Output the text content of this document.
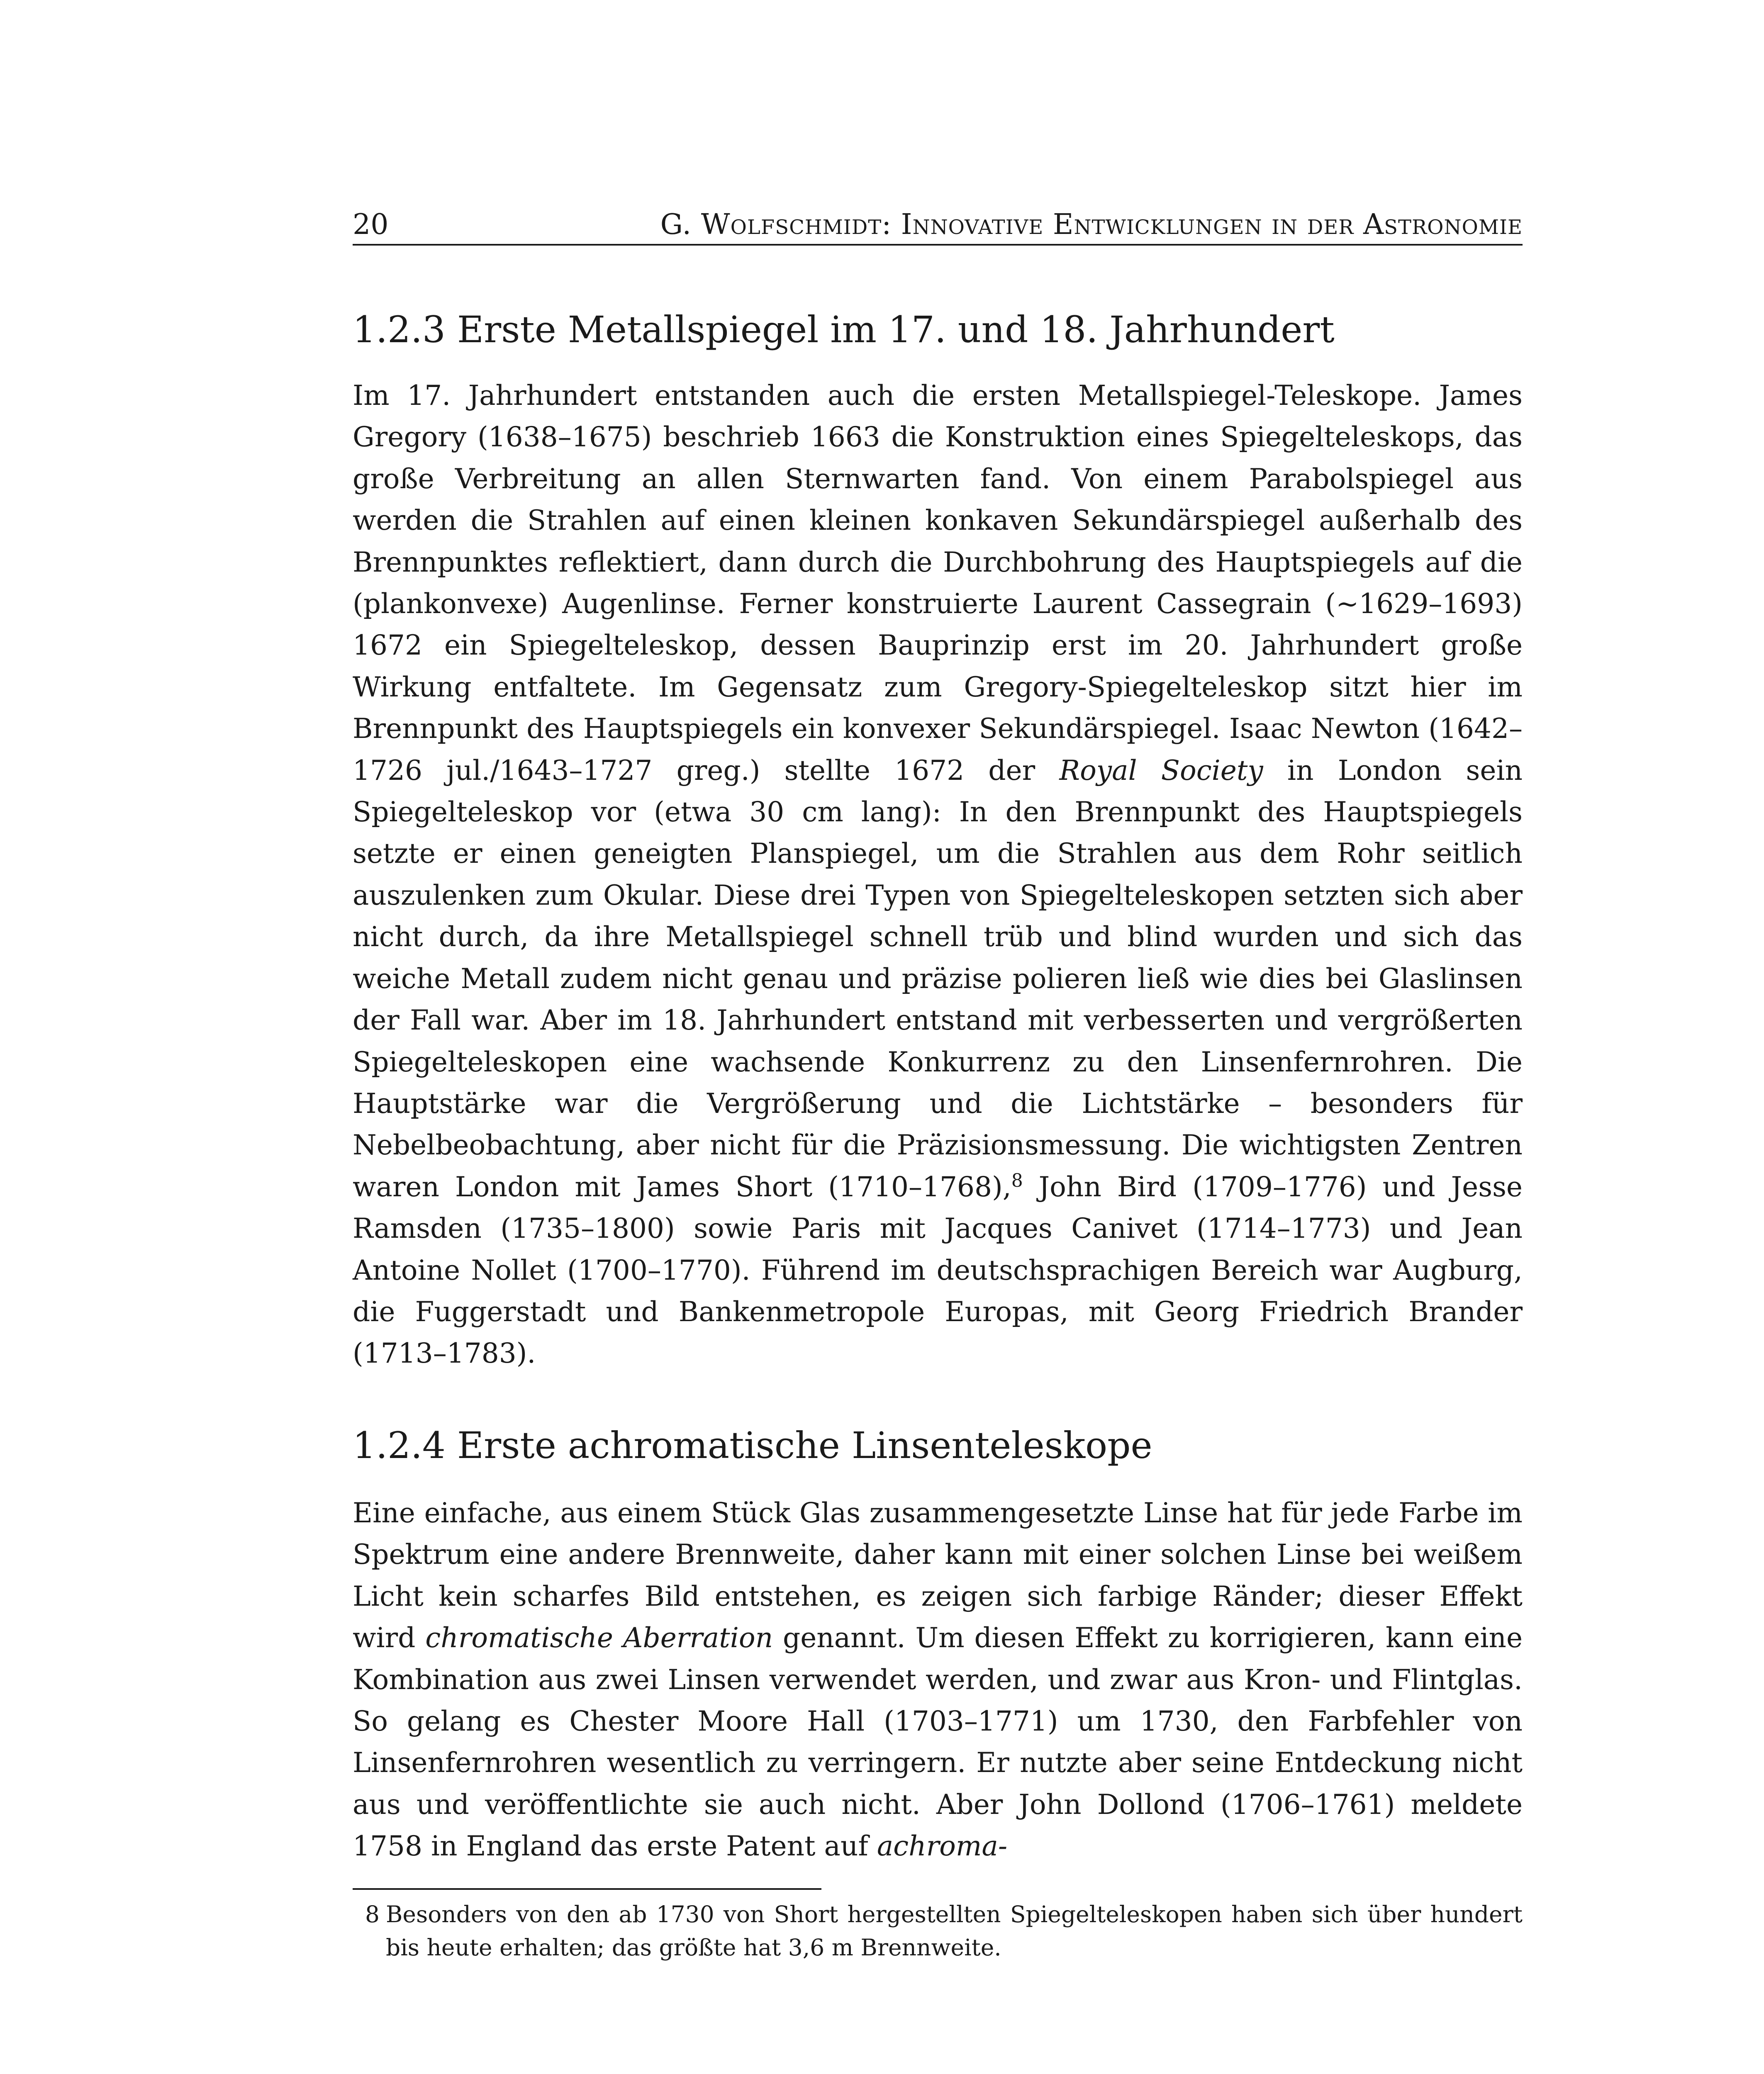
20	G. Wolfschmidt: Innovative Entwicklungen in der Astronomie
1.2.3 Erste Metallspiegel im 17. und 18. Jahrhundert

Im 17. Jahrhundert entstanden auch die ersten Metallspiegel-Teleskope. James Gregory (1638–1675) beschrieb 1663 die Konstruktion eines Spiegelteleskops, das große Verbreitung an allen Sternwarten fand. Von einem Parabolspiegel aus werden die Strahlen auf einen kleinen konkaven Sekundärspiegel außerhalb des Brennpunktes reflektiert, dann durch die Durchbohrung des Hauptspiegels auf die (plankonvexe) Augenlinse. Ferner konstruierte Laurent Cassegrain (∼1629–1693) 1672 ein Spiegelteleskop, dessen Bauprinzip erst im 20. Jahrhundert große Wirkung entfaltete. Im Gegensatz zum Gregory-Spiegelteleskop sitzt hier im Brennpunkt des Hauptspiegels ein konvexer Sekundärspiegel. Isaac Newton (1642–1726 jul./1643–1727 greg.) stellte 1672 der Royal Society in London sein Spiegelteleskop vor (etwa 30 cm lang): In den Brennpunkt des Hauptspiegels setzte er einen geneigten Planspiegel, um die Strahlen aus dem Rohr seitlich auszulenken zum Okular. Diese drei Typen von Spiegelteleskopen setzten sich aber nicht durch, da ihre Metallspiegel schnell trüb und blind wurden und sich das weiche Metall zudem nicht genau und präzise polieren ließ wie dies bei Glaslinsen der Fall war. Aber im 18. Jahrhundert entstand mit verbesserten und vergrößerten Spiegelteleskopen eine wachsende Konkurrenz zu den Linsenfernrohren. Die Hauptstärke war die Vergrößerung und die Lichtstärke – besonders für Nebelbeobachtung, aber nicht für die Präzisionsmessung. Die wichtigsten Zentren waren London mit James Short (1710–1768),$^8$ John Bird (1709–1776) und Jesse Ramsden (1735–1800) sowie Paris mit Jacques Canivet (1714–1773) und Jean Antoine Nollet (1700–1770). Führend im deutschsprachigen Bereich war Augburg, die Fuggerstadt und Bankenmetropole Europas, mit Georg Friedrich Brander (1713–1783).

1.2.4 Erste achromatische Linsenteleskope

Eine einfache, aus einem Stück Glas zusammengesetzte Linse hat für jede Farbe im Spektrum eine andere Brennweite, daher kann mit einer solchen Linse bei weißem Licht kein scharfes Bild entstehen, es zeigen sich farbige Ränder; dieser Effekt wird chromatische Aberration genannt. Um diesen Effekt zu korrigieren, kann eine Kombination aus zwei Linsen verwendet werden, und zwar aus Kron- und Flintglas. So gelang es Chester Moore Hall (1703–1771) um 1730, den Farbfehler von Linsenfernrohren wesentlich zu verringern. Er nutzte aber seine Entdeckung nicht aus und veröffentlichte sie auch nicht. Aber John Dollond (1706–1761) meldete 1758 in England das erste Patent auf achroma-

8 Besonders von den ab 1730 von Short hergestellten Spiegelteleskopen haben sich über hundert bis heute erhalten; das größte hat 3,6 m Brennweite.
